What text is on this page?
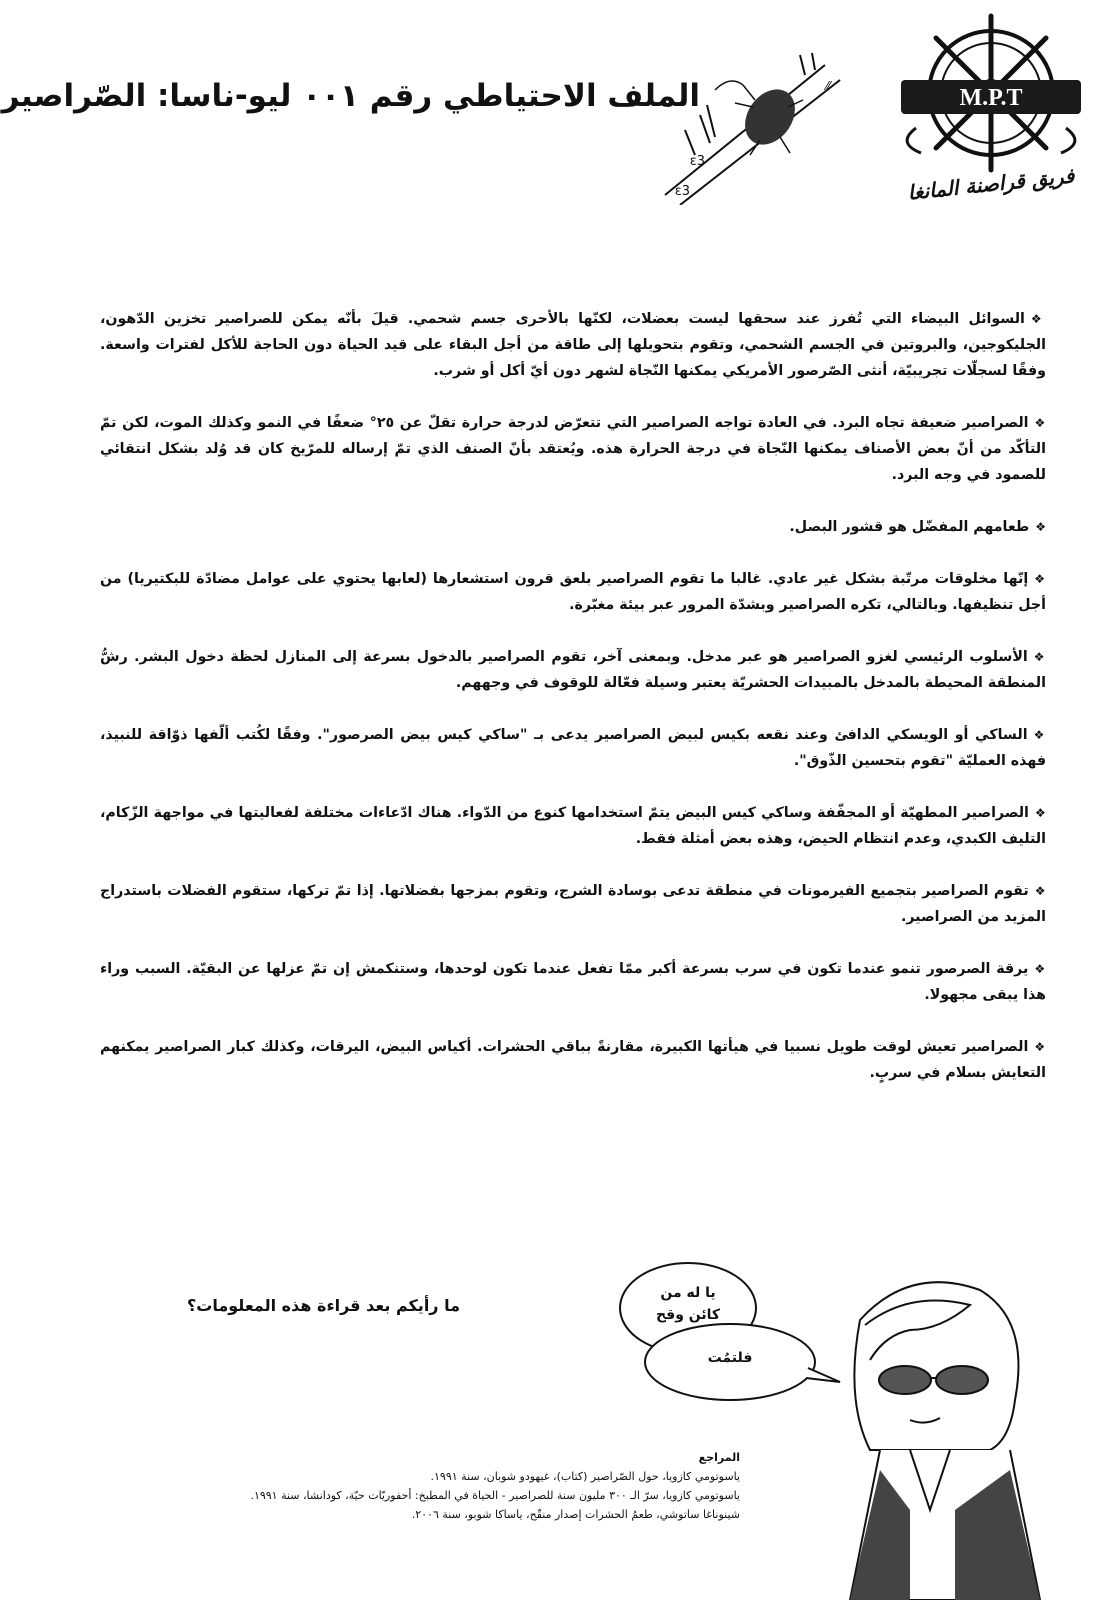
M.P.T
فريق قراصنة المانغا
ε3
ε3
⁄⁄
الملف الاحتياطي رقم ٠٠١ ليو-ناسا: الصّراصير

❖السوائل البيضاء التي تُفرز عند سحقها ليست بعضلات، لكنّها بالأحرى جسم شحمي. قيلَ بأنّه يمكن للصراصير تخزين الدّهون، الجليكوجين، والبروتين في الجسم الشحمي، وتقوم بتحويلها إلى طاقة من أجل البقاء على قيد الحياة دون الحاجة للأكل لفترات واسعة. وفقًا لسجلّات تجريبيّة، أنثى الصّرصور الأمريكي يمكنها النّجاة لشهر دون أيّ أكل أو شرب.

❖الصراصير ضعيفة تجاه البرد. في العادة تواجه الصراصير التي تتعرّض لدرجة حرارة تقلّ عن ٢٥° ضعفًا في النمو وكذلك الموت، لكن تمّ التأكّد من أنّ بعض الأصناف يمكنها النّجاة في درجة الحرارة هذه. ويُعتقد بأنّ الصنف الذي تمّ إرساله للمرّيخ كان قد وُلد بشكل انتقائي للصمود في وجه البرد.

❖طعامهم المفضّل هو قشور البصل.

❖إنّها مخلوقات مرتّبة بشكل غير عادي. غالبا ما تقوم الصراصير بلعق قرون استشعارها (لعابها يحتوي على عوامل مضادّة للبكتيريا) من أجل تنظيفها. وبالتالي، تكره الصراصير وبشدّة المرور عبر بيئة مغبّرة.

❖الأسلوب الرئيسي لغزو الصراصير هو عبر مدخل. وبمعنى آخر، تقوم الصراصير بالدخول بسرعة إلى المنازل لحظة دخول البشر. رشُّ المنطقة المحيطة بالمدخل بالمبيدات الحشريّة يعتبر وسيلة فعّالة للوقوف في وجههم.

❖الساكي أو الويسكي الدافئ وعند نقعه بكيس لبيض الصراصير يدعى بـ "ساكي كيس بيض الصرصور". وفقًا لكُتب ألّفها ذوّاقة للنبيذ، فهذه العمليّة "تقوم بتحسين الذّوق".

❖الصراصير المطهيّة أو المجفّفة وساكي كيس البيض يتمّ استخدامها كنوع من الدّواء. هناك ادّعاءات مختلفة لفعاليتها في مواجهة الزّكام، التليف الكبدي، وعدم انتظام الحيض، وهذه بعض أمثلة فقط.

❖تقوم الصراصير بتجميع الفيرمونات في منطقة تدعى بوسادة الشرج، وتقوم بمزجها بفضلاتها. إذا تمّ تركها، ستقوم الفضلات باستدراج المزيد من الصراصير.

❖يرقة الصرصور تنمو عندما تكون في سرب بسرعة أكبر ممّا تفعل عندما تكون لوحدها، وستنكمش إن تمّ عزلها عن البقيّة. السبب وراء هذا يبقى مجهولا.

❖الصراصير تعيش لوقت طويل نسبيا في هيأتها الكبيرة، مقارنةً بباقي الحشرات. أكياس البيض، اليرقات، وكذلك كبار الصراصير يمكنهم التعايش بسلام في سربٍ.

ما رأيكم بعد قراءة هذه المعلومات؟
يا له من
كائن وقح
فلتمُت
المراجع
ياسوتومي كازويا، حول الصّراصير (كتاب)، غيهودو شوبان، سنة ١٩٩١.
ياسوتومي كازويا، سرّ الـ ٣٠٠ مليون سنة للصراصير - الحياة في المطبخ: أحفوريّات حيّة، كودانشا، سنة ١٩٩١.
شينوناغا ساتوشي، طعمُ الحشرات إصدار منقّح، ياساكا شوبو، سنة ٢٠٠٦.
